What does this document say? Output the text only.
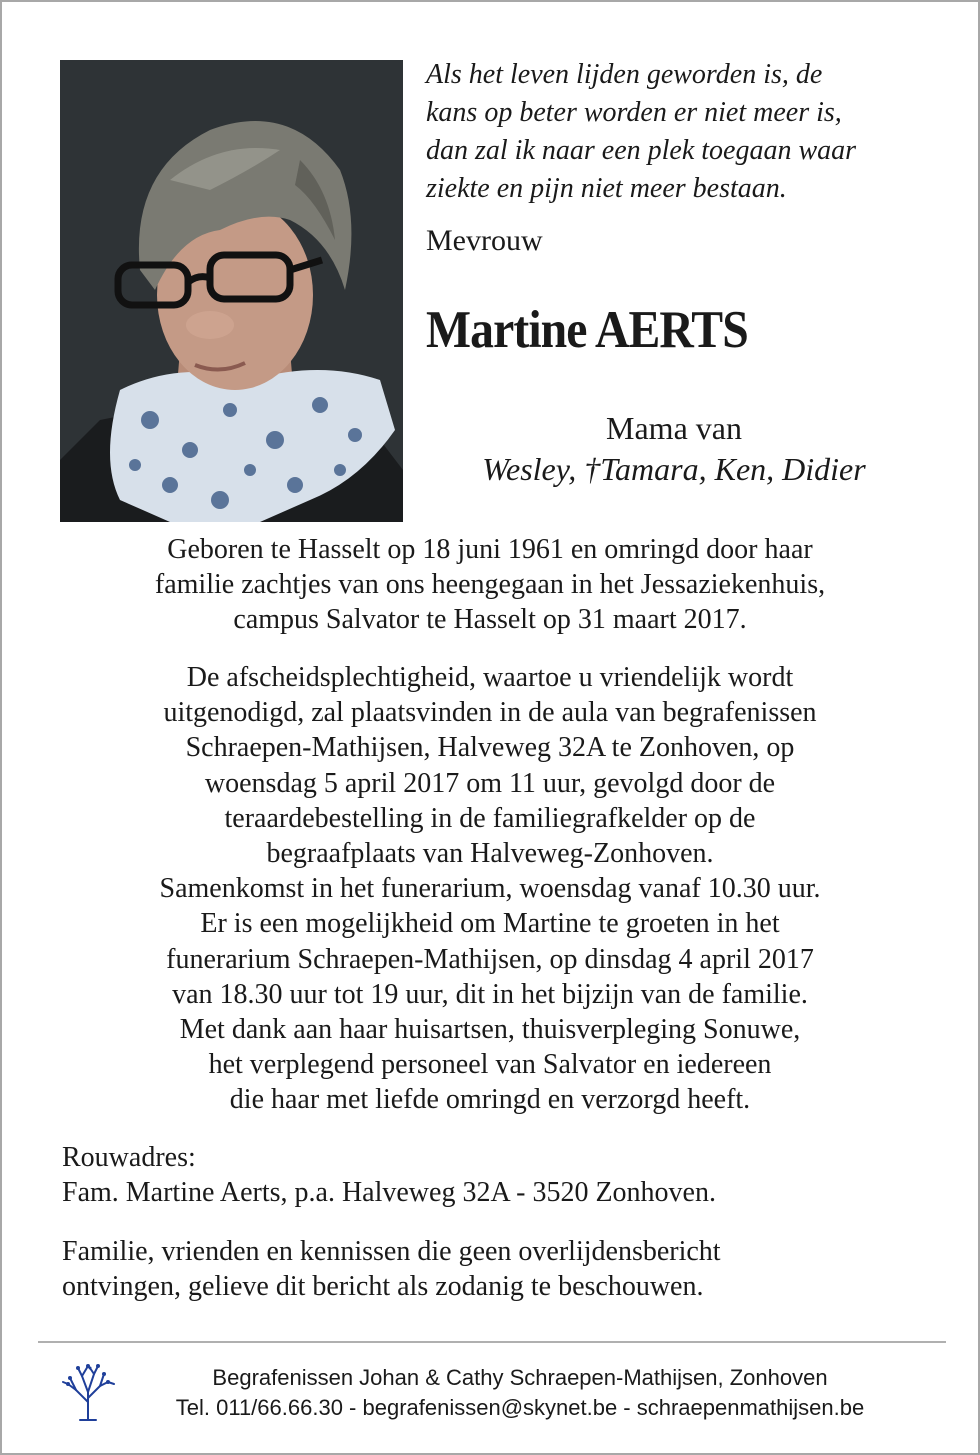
Als het leven lijden geworden is, de
kans op beter worden er niet meer is,
dan zal ik naar een plek toegaan waar
ziekte en pijn niet meer bestaan.

Mevrouw

Martine AERTS

Mama van
Wesley, †Tamara, Ken, Didier

Geboren te Hasselt op 18 juni 1961 en omringd door haar
familie zachtjes van ons heengegaan in het Jessaziekenhuis,
campus Salvator te Hasselt op 31 maart 2017.

De afscheidsplechtigheid, waartoe u vriendelijk wordt
uitgenodigd, zal plaatsvinden in de aula van begrafenissen
Schraepen-Mathijsen, Halveweg 32A te Zonhoven, op
woensdag 5 april 2017 om 11 uur, gevolgd door de
teraardebestelling in de familiegrafkelder op de
begraafplaats van Halveweg-Zonhoven.
Samenkomst in het funerarium, woensdag vanaf 10.30 uur.
Er is een mogelijkheid om Martine te groeten in het
funerarium Schraepen-Mathijsen, op dinsdag 4 april 2017
van 18.30 uur tot 19 uur, dit in het bijzijn van de familie.
Met dank aan haar huisartsen, thuisverpleging Sonuwe,
het verplegend personeel van Salvator en iedereen
die haar met liefde omringd en verzorgd heeft.

Rouwadres:
Fam. Martine Aerts, p.a. Halveweg 32A - 3520 Zonhoven.

Familie, vrienden en kennissen die geen overlijdensbericht
ontvingen, gelieve dit bericht als zodanig te beschouwen.

Begrafenissen Johan & Cathy Schraepen-Mathijsen, Zonhoven
Tel. 011/66.66.30 - begrafenissen@skynet.be - schraepenmathijsen.be
